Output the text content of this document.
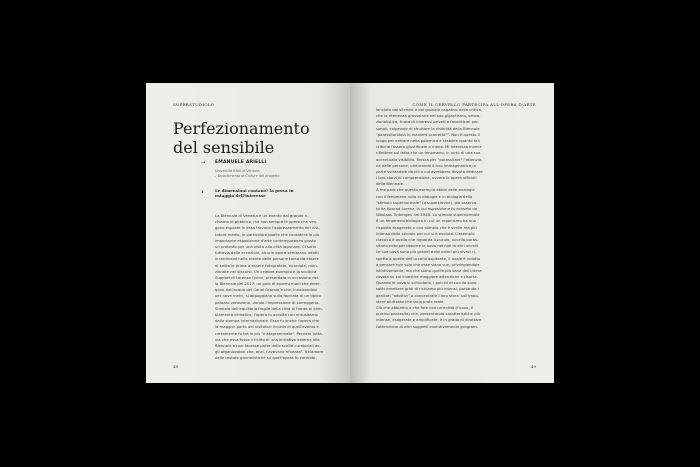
SUPERSTUDIOLO
Perfezionamento
del sensibile
→ EMANUELE ARIELLI
Università IUAV di Venezia
– Dipartimento di Culture del progetto
1	Le dimensioni contano? la prova in ostaggio dell'interesse
La Biennale di Venezia è un evento dal grande ri-
chiamo di pubblico, ma non sempre le opere che ven-
gono esposte in essa trovano l'apprezzamento del visi-
tatore medio, in particolare quelle che considera la più
importante esposizione d'arte contemporanea giusto
un pretesto per una visita alla città lagunare. Ci sono
tuttavia delle eccezioni, alcune opere sembrano infatti
incardinarsi nella mente delle persone tanto da essere
di solito le prime a essere fotografate, ricordate, men-
zionate nei discorsi. Un celebre esempio è la scultura
Support di Lorenzo Quinn, presentata in occasione del-
la Biennale del 2017: un paio di enormi mani che emer-
gono dall'acqua del Canal Grande e che, innalzandosi
per nove metri, si appoggiano sulla facciata di un tipico
palazzo veneziano, dando l'impressione di sorreggerla.
Simbolo dell'equilibrio fragile della città di fronte al cam-
biamento climatico, l'opera fu accolta con entusiasmo
dalla stampa internazionale. Essa fu anche l'opera che
la maggior parte dei visitatori ricorda di quell'evento e
certamente fu tra le più "instagrammate". Peccato tutta-
via che essa fosse il frutto di una iniziativa esterna alla
Biennale e non facesse parte delle scelte curatoriali de-
gli organizzatori che, anzi, l'avevano rifiutata¹. Il clamore
delle testate giornalistiche su quell'opera fu controbi-
48
COME IL CERVELLO PARTECIPA ALL'OPERA D'ARTE
lanciato dal silenzio o dal giudizio negativo della critica,
che la ritenevaa grossolana nel suo gigantismo, senza-
zionalistica, frutto di interessi privati e favoritismi per-
sonali, colpevole di sfruttare la visibilità della Biennale
"parassitandola in maniera scorretta"². Non è questo il
luogo per entrare nella polemica e stabilire quanto tali
critiche fossero giustificate o meno. Mi interessa invece
riflettere sul fatto che un fenomeno, in virtù di una sua
accentuata visibilità, finisca per "parassitare" l'attenzio-
ne delle persone, catturando il loro immaginario e in
parte svirandole da ciò a cui avrebbero dovuto dedicare
i loro sforzi di comprensione, ovvero le opere ufficiali
della Biennale.
A me pare che questo esempio abbia delle analogie
con il fenomeno noto in etologia e in biologia dello
"stimolo supernormale" (o supersimmo), già osserva-
to da Konrad Lorenz, la cui esposizione fu conseta da
Nikolaas Tinbergen nel 1948. Lo stimolo supernormale
è un fenomeno biologico in cui un organismo ha una
risposta esagerata a uno stimolo che è simile ma più
intenso dello stimolo per cui si è evoluto. L'esempio
classico è quello che riguarda il cuculo, uccello paras-
sitario noto per deporre le uova nei nidi di altri uccelli.
Le sue uova sono più grandi e dai colori più vivaci ri-
spetto a quelle dell'uccello ospitante, il quale è indotto
a pensare non solo che esse siano sue, privilegiandole
istintivamente, ma che siano quelle più sane dell'intera
covata su cui investire maggiore attenzione e risorse.
Quando le uova si schiudono, i pulcini di cuculo sono
soliti emettere gridi di richiamo più intensi, portando i
genitori "adottivi" a concentrare i loro sforzi sull'impo-
stere piuttosto che sulla prole reale.
Ciò che abbiamo a che fare con un'entità (l'uovo, il
pulcino parassita) che, presentando caratteristiche più
intense, esagerate e amplificate, è in grado di dirottare
l'attenzione di altri soggetti evolutivamente program-
49
